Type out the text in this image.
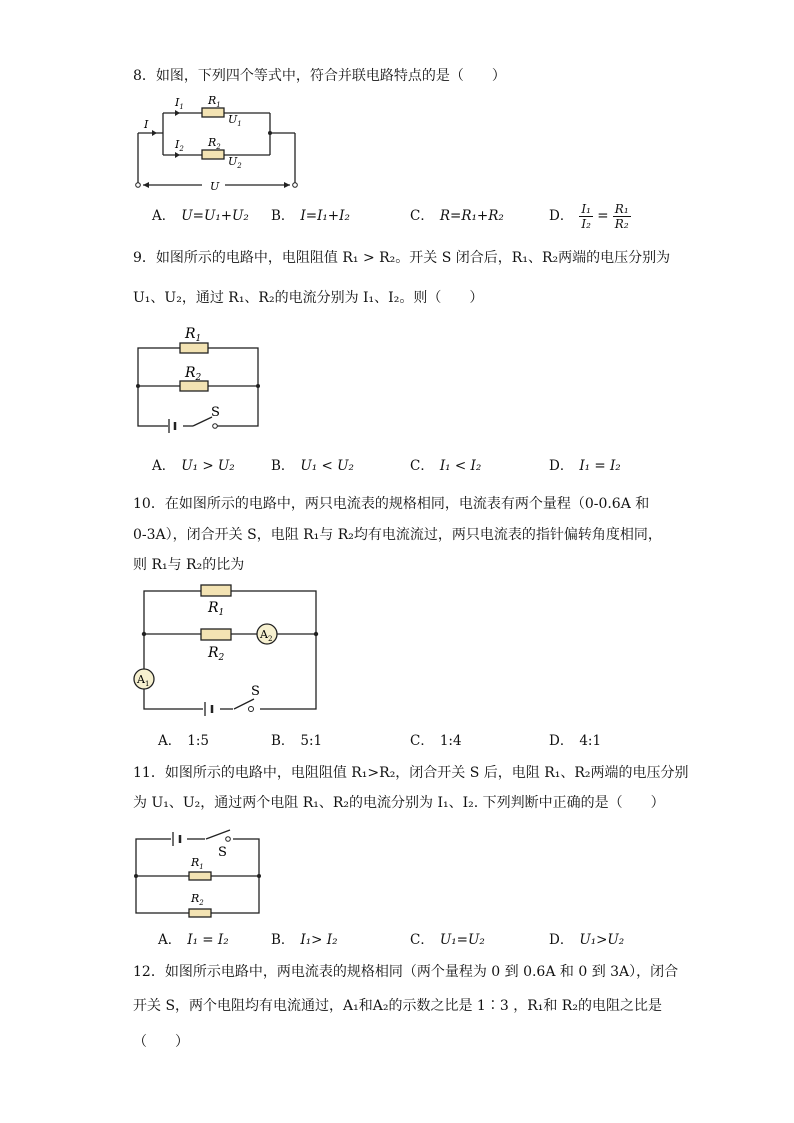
8．如图，下列四个等式中，符合并联电路特点的是（　　）
I
$I_1$ $R_1$
$U_1$
$I_2$ $R_2$
$U_2$
U
A． U=U₁+U₂ B． I=I₁+I₂	C． R=R₁+R₂	D． $\frac{\text{I₁}}{\text{I₂}} = \frac{\text{R₁}}{\text{R₂}}$
9．如图所示的电路中，电阻阻值 R₁ > R₂。开关 S 闭合后，R₁、R₂两端的电压分别为
U₁、U₂，通过 R₁、R₂的电流分别为 I₁、I₂。则（　　）
$R_1$
$R_2$
S
A． U₁ > U₂	B． U₁ < U₂	C． I₁ < I₂	D． I₁ = I₂
10．在如图所示的电路中，两只电流表的规格相同，电流表有两个量程（0-0.6A 和
0-3A），闭合开关 S，电阻 R₁与 R₂均有电流流过，两只电流表的指针偏转角度相同，
则 R₁与 R₂的比为
$R_1$
$R_2$
$A_2$
$A_1$	S
A． 1:5	B． 5:1	C． 1:4	D． 4:1
11．如图所示的电路中，电阻阻值 R₁>R₂，闭合开关 S 后，电阻 R₁、R₂两端的电压分别
为 U₁、U₂，通过两个电阻 R₁、R₂的电流分别为 I₁、I₂. 下列判断中正确的是（　　）
$R_1$
$R_2$
S
A． I₁ = I₂	B． I₁> I₂	C． U₁=U₂	D． U₁>U₂
12．如图所示电路中，两电流表的规格相同（两个量程为 0 到 0.6A 和 0 到 3A），闭合
开关 S，两个电阻均有电流通过，A₁和A₂的示数之比是 1∶3 ，R₁和 R₂的电阻之比是
（　　）
